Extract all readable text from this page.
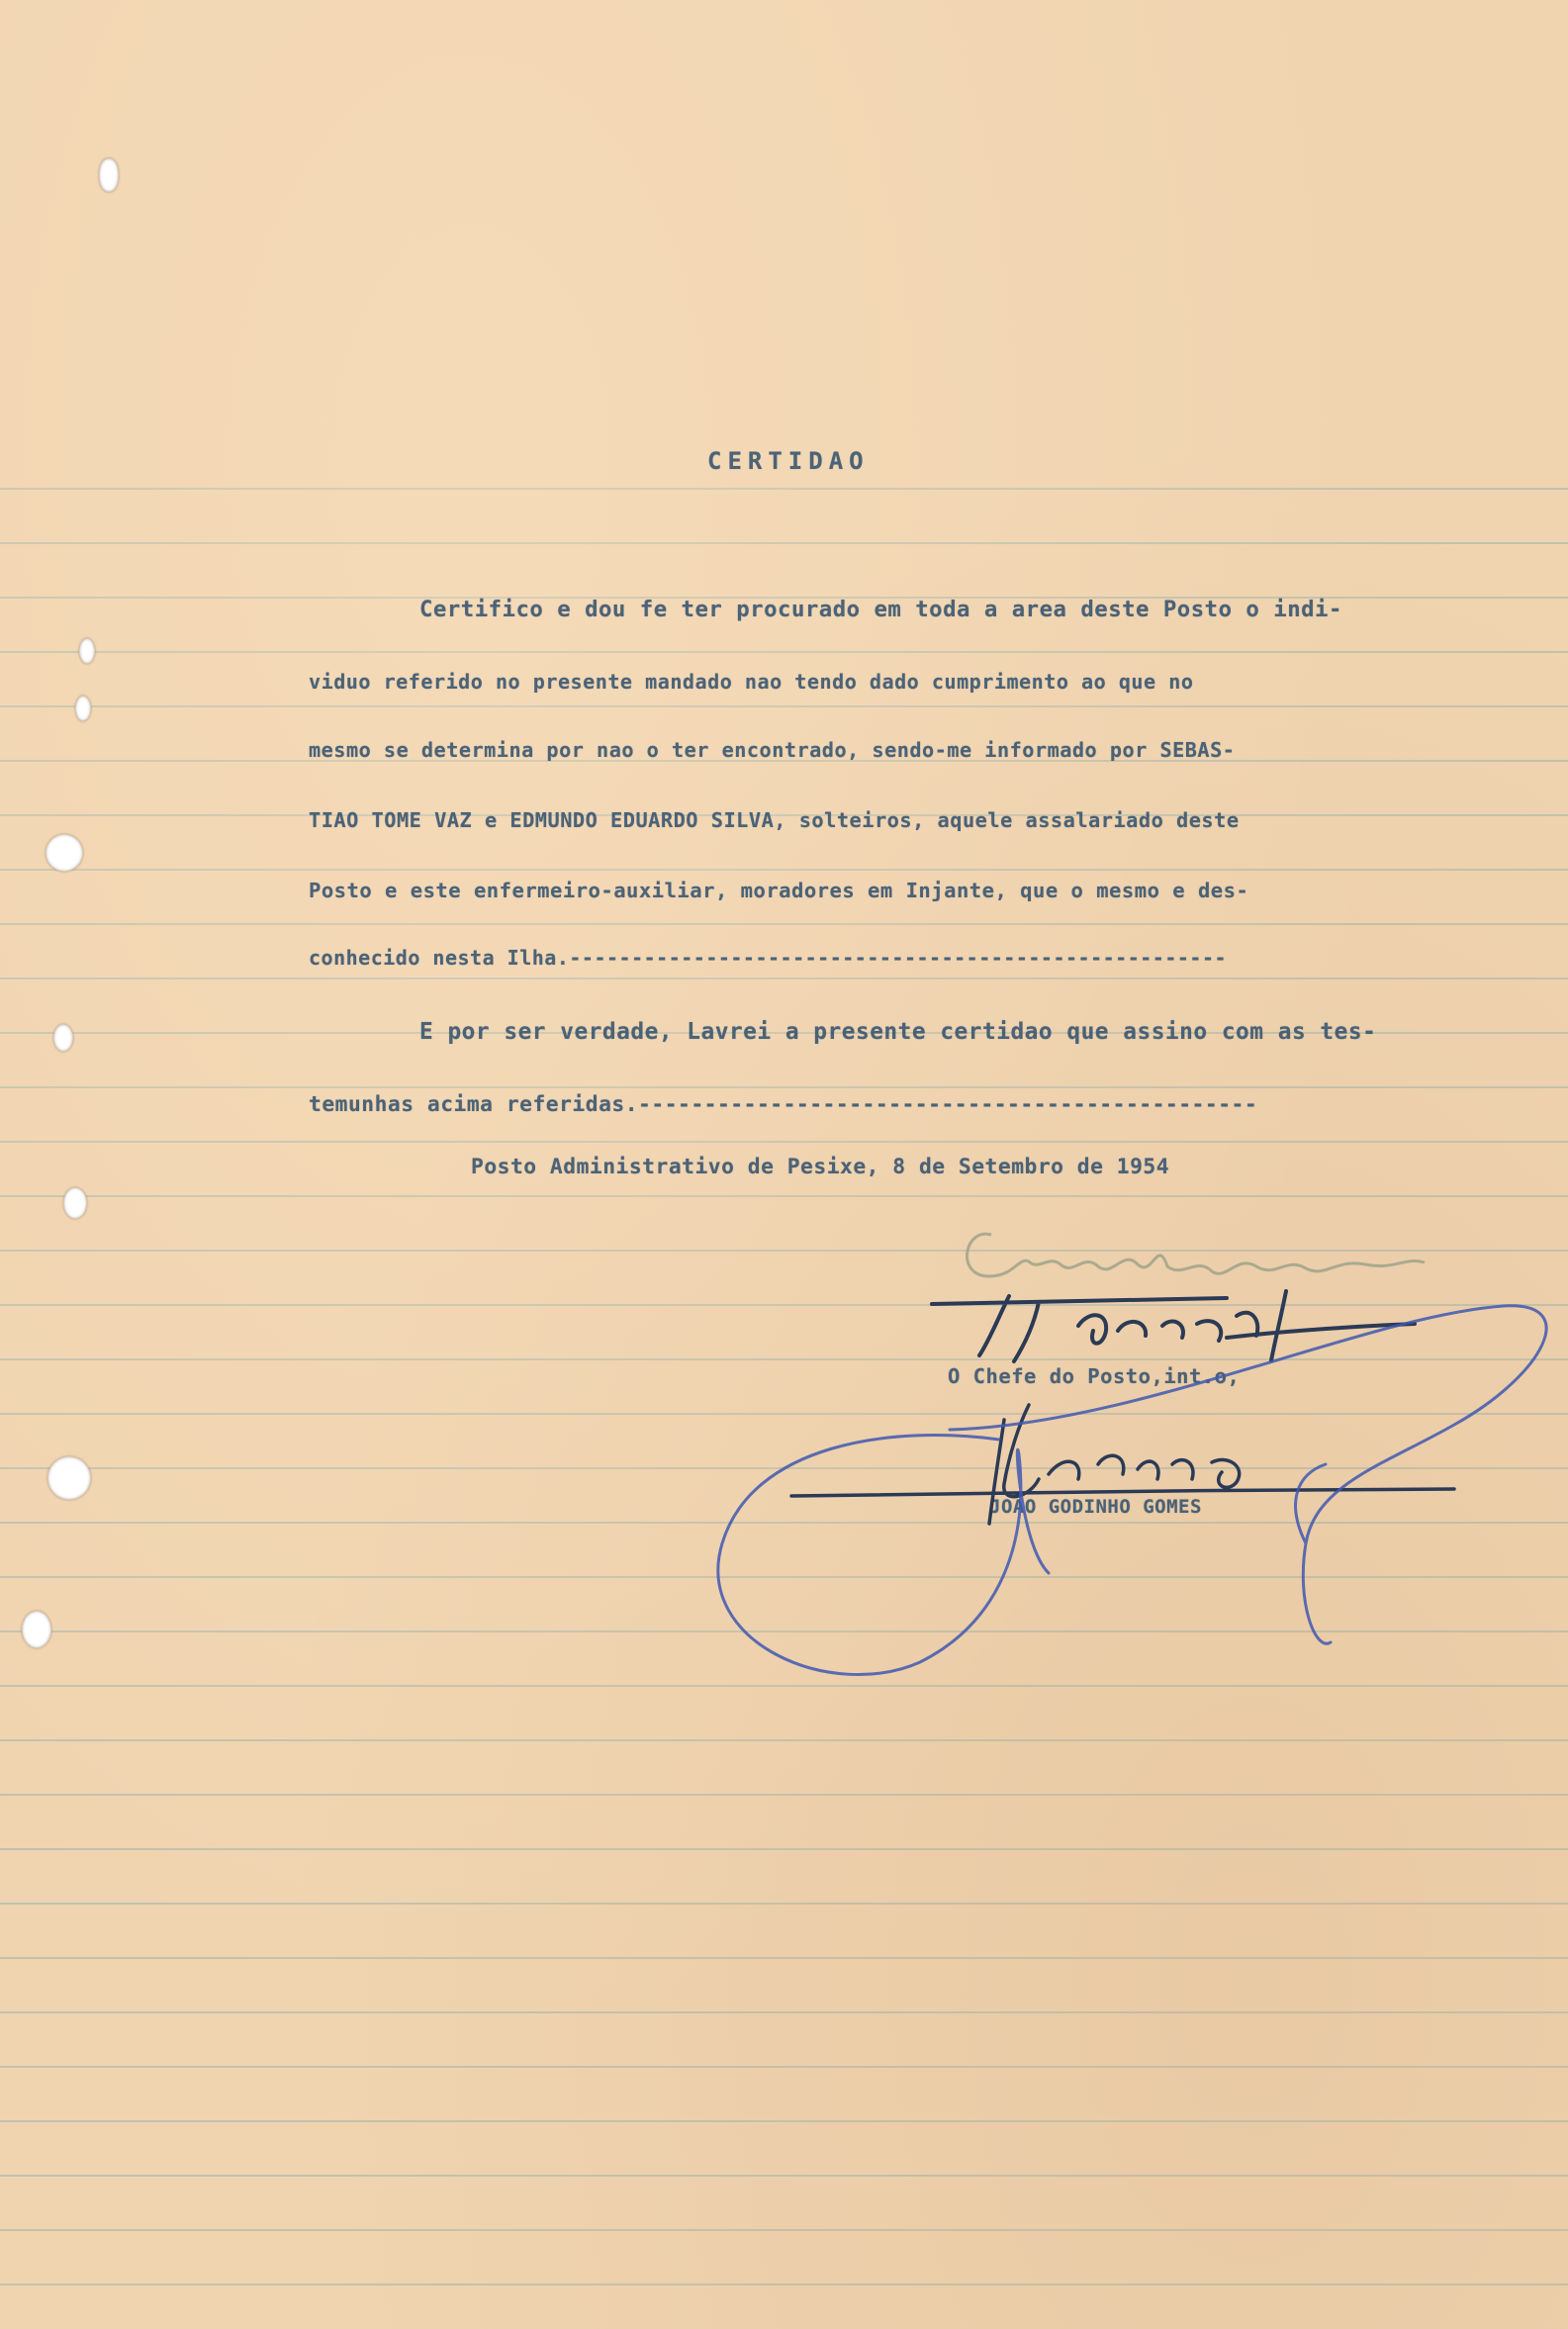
CERTIDAO
Certifico e dou fe ter procurado em toda a area deste Posto o indi-
viduo referido no presente mandado nao tendo dado cumprimento ao que no
mesmo se determina por nao o ter encontrado, sendo-me informado por SEBAS-
TIAO TOME VAZ e EDMUNDO EDUARDO SILVA, solteiros, aquele assalariado deste
Posto e este enfermeiro-auxiliar, moradores em Injante, que o mesmo e des-
conhecido nesta Ilha.-----------------------------------------------------
E por ser verdade, Lavrei a presente certidao que assino com as tes-
temunhas acima referidas.-----------------------------------------------
Posto Administrativo de Pesixe, 8 de Setembro de 1954
O Chefe do Posto,int.o,
JOAO GODINHO GOMES
